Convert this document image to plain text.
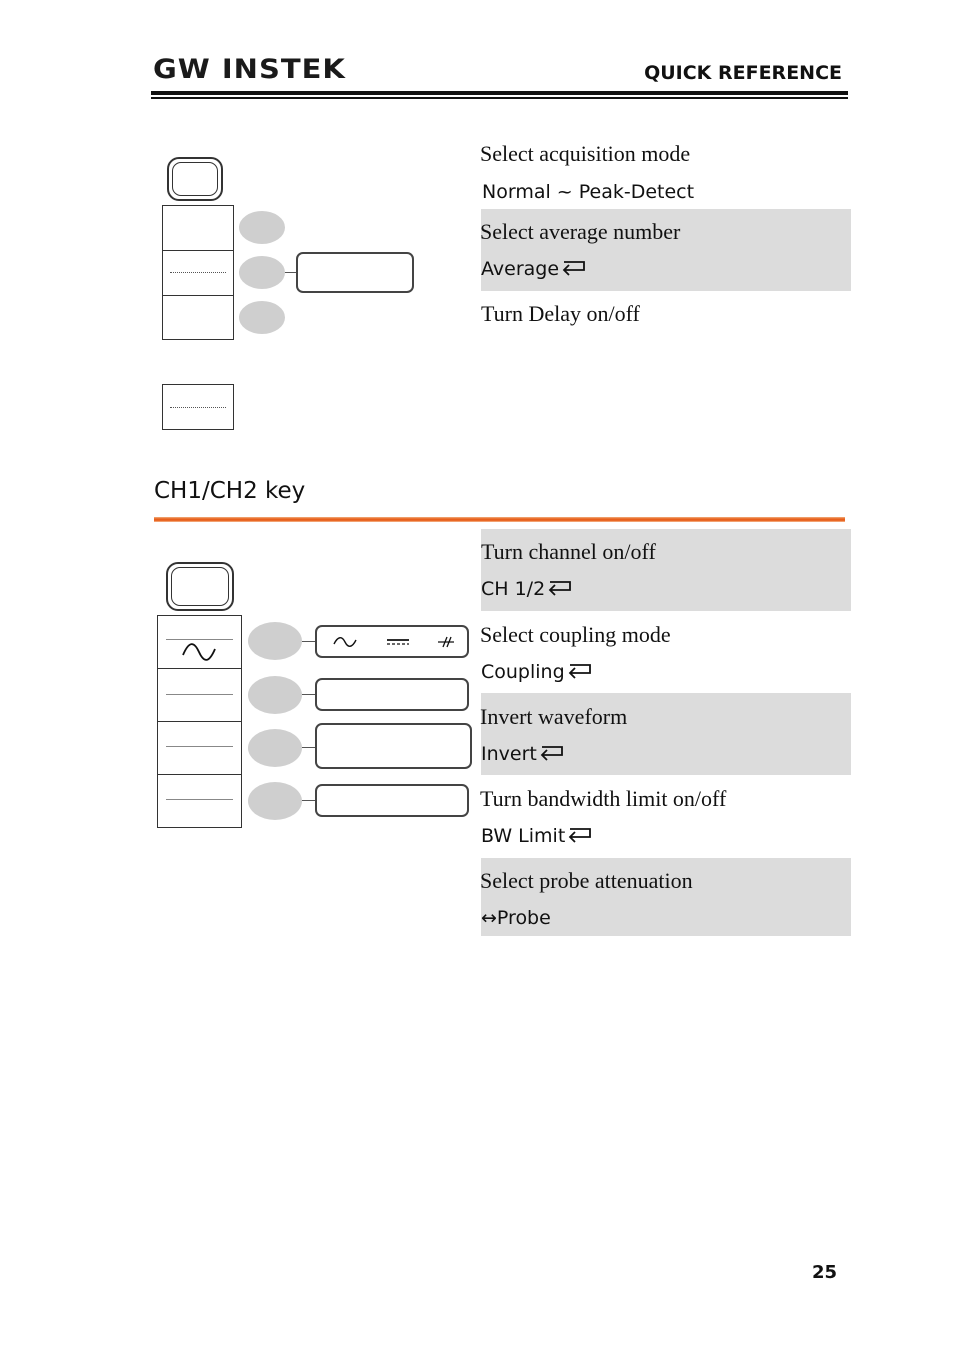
GW INSTEK	QUICK REFERENCE
Select acquisition mode
Normal ~ Peak-Detect
Select average number
Average
Turn Delay on/off
CH1/CH2 key
Turn channel on/off
CH 1/2
Select coupling mode
Coupling
Invert waveform
Invert
Turn bandwidth limit on/off
BW Limit
Select probe attenuation
↔Probe
25
